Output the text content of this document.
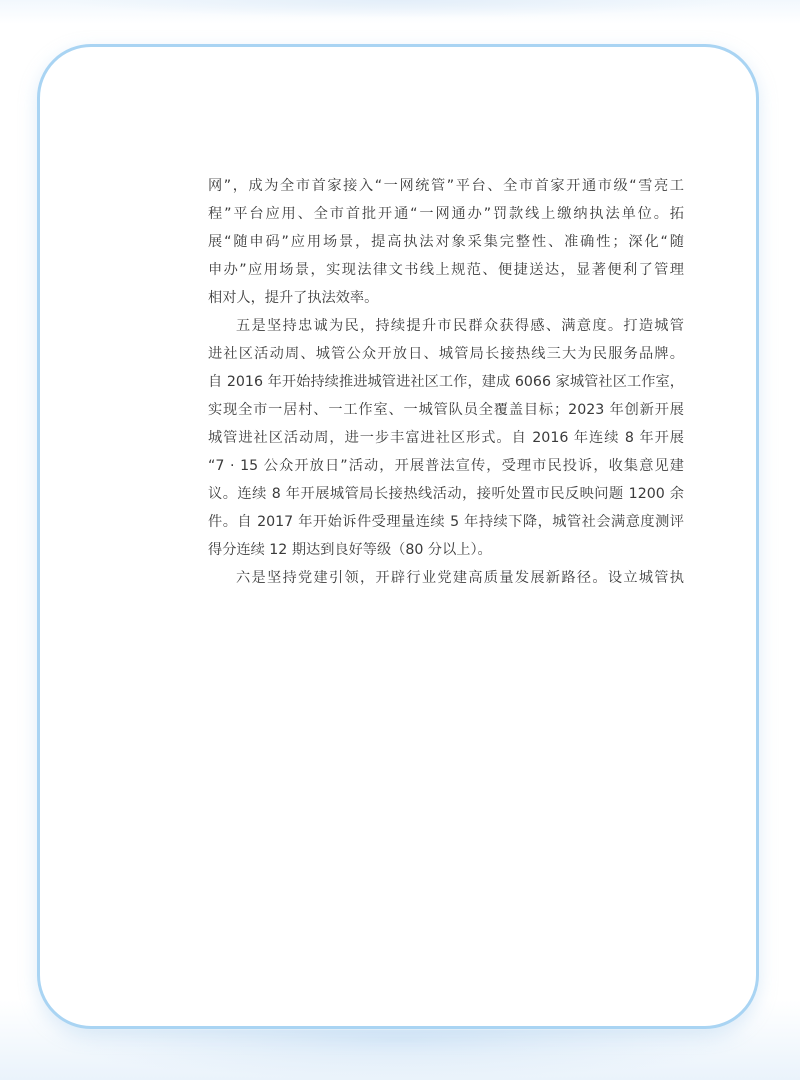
网”，成为全市首家接入“一网统管”平台、全市首家开通市级“雪亮工
程”平台应用、全市首批开通“一网通办”罚款线上缴纳执法单位。拓
展“随申码”应用场景，提高执法对象采集完整性、准确性；深化“随
申办”应用场景，实现法律文书线上规范、便捷送达，显著便利了管理
相对人，提升了执法效率。

五是坚持忠诚为民，持续提升市民群众获得感、满意度。打造城管
进社区活动周、城管公众开放日、城管局长接热线三大为民服务品牌。
自 2016 年开始持续推进城管进社区工作，建成 6066 家城管社区工作室，
实现全市一居村、一工作室、一城管队员全覆盖目标；2023 年创新开展
城管进社区活动周，进一步丰富进社区形式。自 2016 年连续 8 年开展
“7 · 15 公众开放日”活动，开展普法宣传，受理市民投诉，收集意见建
议。连续 8 年开展城管局长接热线活动，接听处置市民反映问题 1200 余
件。自 2017 年开始诉件受理量连续 5 年持续下降，城管社会满意度测评
得分连续 12 期达到良好等级（80 分以上）。

六是坚持党建引领，开辟行业党建高质量发展新路径。设立城管执
